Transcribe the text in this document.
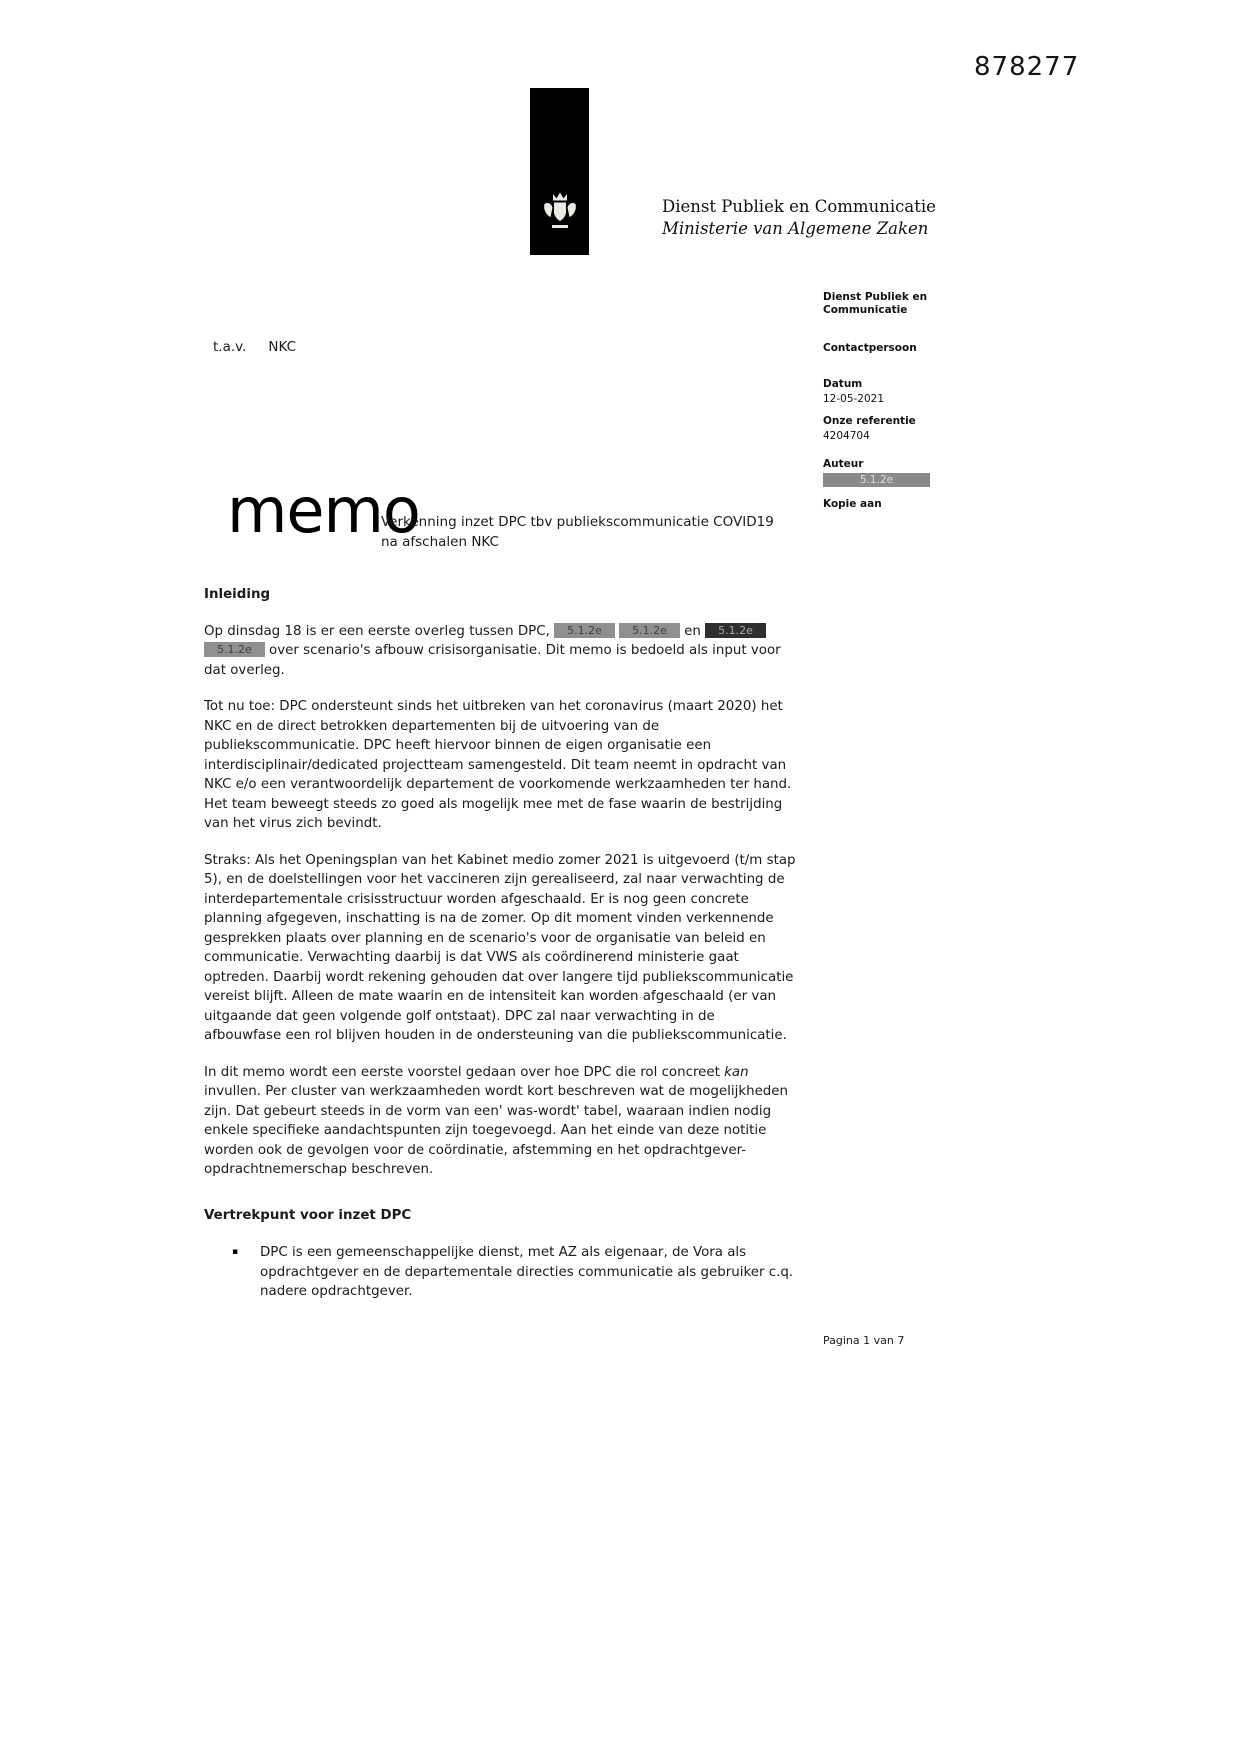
878277
Dienst Publiek en Communicatie
Ministerie van Algemene Zaken
t.a.v. NKC
Dienst Publiek en
Communicatie
Contactpersoon
Datum
12-05-2021
Onze referentie
4204704
Auteur
5.1.2e
Kopie aan
memo
Verkenning inzet DPC tbv publiekscommunicatie COVID19
na afschalen NKC
Inleiding

Op dinsdag 18 is er een eerste overleg tussen DPC, 5.1.2e	5.1.2e en 5.1.2e 5.1.2e over scenario's afbouw crisisorganisatie. Dit memo is bedoeld als input voor dat overleg.

Tot nu toe: DPC ondersteunt sinds het uitbreken van het coronavirus (maart 2020) het NKC en de direct betrokken departementen bij de uitvoering van de publiekscommunicatie. DPC heeft hiervoor binnen de eigen organisatie een interdisciplinair/dedicated projectteam samengesteld. Dit team neemt in opdracht van NKC e/o een verantwoordelijk departement de voorkomende werkzaamheden ter hand. Het team beweegt steeds zo goed als mogelijk mee met de fase waarin de bestrijding van het virus zich bevindt.

Straks: Als het Openingsplan van het Kabinet medio zomer 2021 is uitgevoerd (t/m stap 5), en de doelstellingen voor het vaccineren zijn gerealiseerd, zal naar verwachting de interdepartementale crisisstructuur worden afgeschaald. Er is nog geen concrete planning afgegeven, inschatting is na de zomer. Op dit moment vinden verkennende gesprekken plaats over planning en de scenario's voor de organisatie van beleid en communicatie. Verwachting daarbij is dat VWS als coördinerend ministerie gaat optreden. Daarbij wordt rekening gehouden dat over langere tijd publiekscommunicatie vereist blijft. Alleen de mate waarin en de intensiteit kan worden afgeschaald (er van uitgaande dat geen volgende golf ontstaat). DPC zal naar verwachting in de afbouwfase een rol blijven houden in de ondersteuning van die publiekscommunicatie.

In dit memo wordt een eerste voorstel gedaan over hoe DPC die rol concreet kan invullen. Per cluster van werkzaamheden wordt kort beschreven wat de mogelijkheden zijn. Dat gebeurt steeds in de vorm van een' was-wordt' tabel, waaraan indien nodig enkele specifieke aandachtspunten zijn toegevoegd. Aan het einde van deze notitie worden ook de gevolgen voor de coördinatie, afstemming en het opdrachtgever-opdrachtnemerschap beschreven.

Vertrekpunt voor inzet DPC
▪	DPC is een gemeenschappelijke dienst, met AZ als eigenaar, de Vora als opdrachtgever en de departementale directies communicatie als gebruiker c.q. nadere opdrachtgever.
Pagina 1 van 7
